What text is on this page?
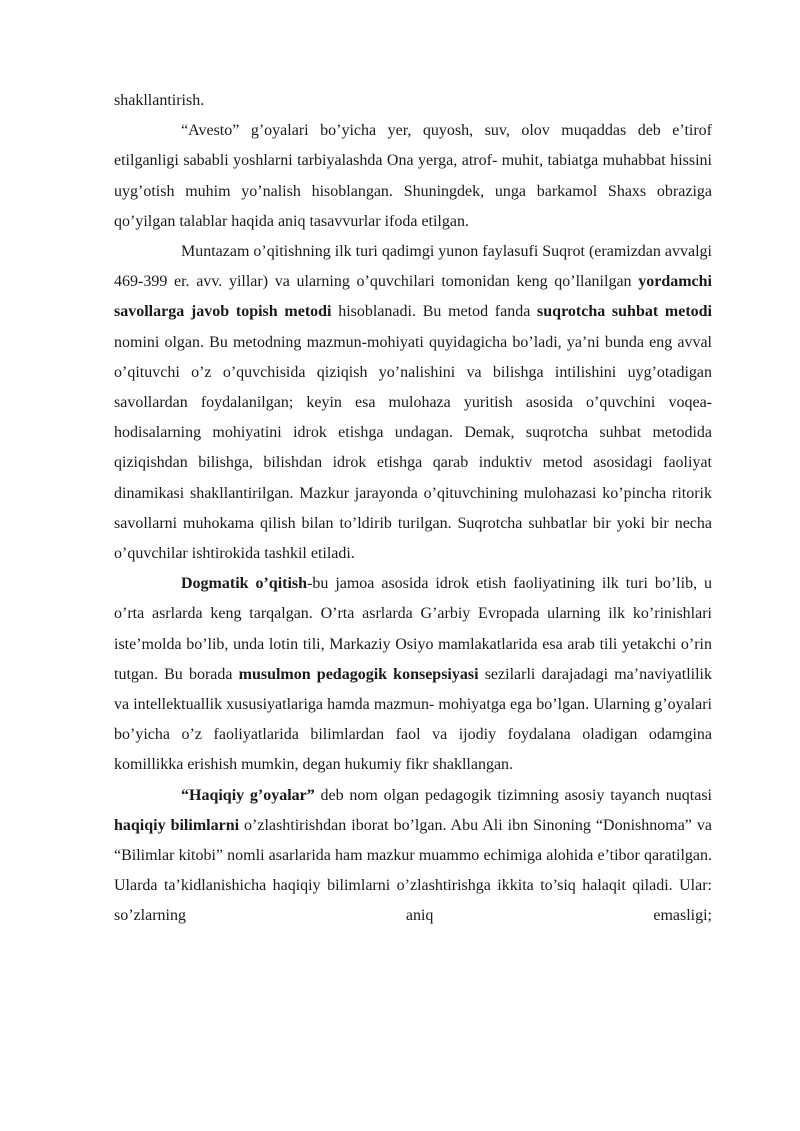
shakllantirish.

“Avesto” g’oyalari bo’yicha yer, quyosh, suv, olov muqaddas deb e’tirof etilganligi sababli yoshlarni tarbiyalashda Ona yerga, atrof- muhit, tabiatga muhabbat hissini uyg’otish muhim yo’nalish hisoblangan. Shuningdek, unga barkamol Shaxs obraziga qo’yilgan talablar haqida aniq tasavvurlar ifoda etilgan.

Muntazam o’qitishning ilk turi qadimgi yunon faylasufi Suqrot (eramizdan avvalgi 469-399 er. avv. yillar) va ularning o’quvchilari tomonidan keng qo’llanilgan yordamchi savollarga javob topish metodi hisoblanadi. Bu metod fanda suqrotcha suhbat metodi nomini olgan. Bu metodning mazmun-mohiyati quyidagicha bo’ladi, ya’ni bunda eng avval o’qituvchi o’z o’quvchisida qiziqish yo’nalishini va bilishga intilishini uyg’otadigan savollardan foydalanilgan; keyin esa mulohaza yuritish asosida o’quvchini voqea- hodisalarning mohiyatini idrok etishga undagan. Demak, suqrotcha suhbat metodida qiziqishdan bilishga, bilishdan idrok etishga qarab induktiv metod asosidagi faoliyat dinamikasi shakllantirilgan. Mazkur jarayonda o’qituvchining mulohazasi ko’pincha ritorik savollarni muhokama qilish bilan to’ldirib turilgan. Suqrotcha suhbatlar bir yoki bir necha o’quvchilar ishtirokida tashkil etiladi.

Dogmatik o’qitish-bu jamoa asosida idrok etish faoliyatining ilk turi bo’lib, u o’rta asrlarda keng tarqalgan. O’rta asrlarda G’arbiy Evropada ularning ilk ko’rinishlari iste’molda bo’lib, unda lotin tili, Markaziy Osiyo mamlakatlarida esa arab tili yetakchi o’rin tutgan. Bu borada musulmon pedagogik konsepsiyasi sezilarli darajadagi ma’naviyatlilik va intellektuallik xususiyatlariga hamda mazmun- mohiyatga ega bo’lgan. Ularning g’oyalari bo’yicha o’z faoliyatlarida bilimlardan faol va ijodiy foydalana oladigan odamgina komillikka erishish mumkin, degan hukumiy fikr shakllangan.

“Haqiqiy g’oyalar” deb nom olgan pedagogik tizimning asosiy tayanch nuqtasi haqiqiy bilimlarni o’zlashtirishdan iborat bo’lgan. Abu Ali ibn Sinoning “Donishnoma” va “Bilimlar kitobi” nomli asarlarida ham mazkur muammo echimiga alohida e’tibor qaratilgan. Ularda ta’kidlanishicha haqiqiy bilimlarni o’zlashtirishga ikkita to’siq halaqit qiladi. Ular: so’zlarning aniq emasligi;
